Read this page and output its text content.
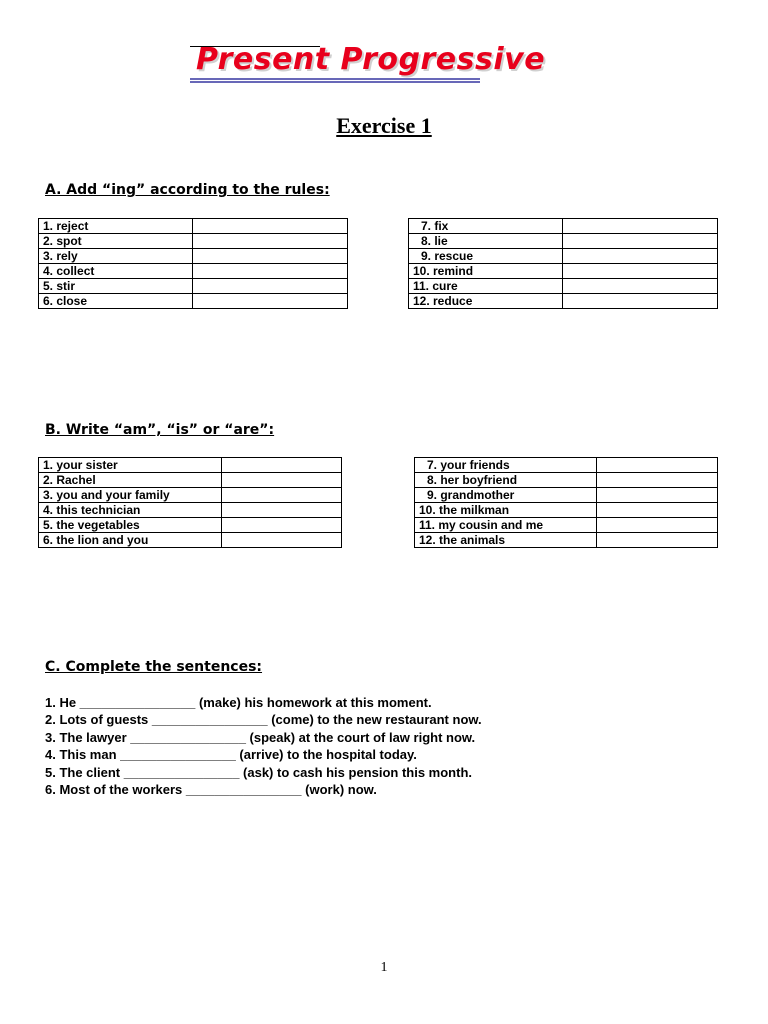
Present Progressive
Exercise 1
A. Add “ing” according to the rules:
1. reject	
2. spot	
3. rely	
4. collect	
5. stir	
6. close	
7. fix	
8. lie	
9. rescue	
10. remind	
11. cure	
12. reduce	
B. Write “am”, “is” or “are”:
1. your sister	
2. Rachel	
3. you and your family	
4. this technician	
5. the vegetables	
6. the lion and you	
7. your friends	
8. her boyfriend	
9. grandmother	
10. the milkman	
11. my cousin and me	
12. the animals	
C. Complete the sentences:
1. He ________________ (make) his homework at this moment.
2. Lots of guests ________________ (come) to the new restaurant now.
3. The lawyer ________________ (speak) at the court of law right now.
4. This man ________________ (arrive) to the hospital today.
5. The client ________________ (ask) to cash his pension this month.
6. Most of the workers ________________ (work) now.
1
